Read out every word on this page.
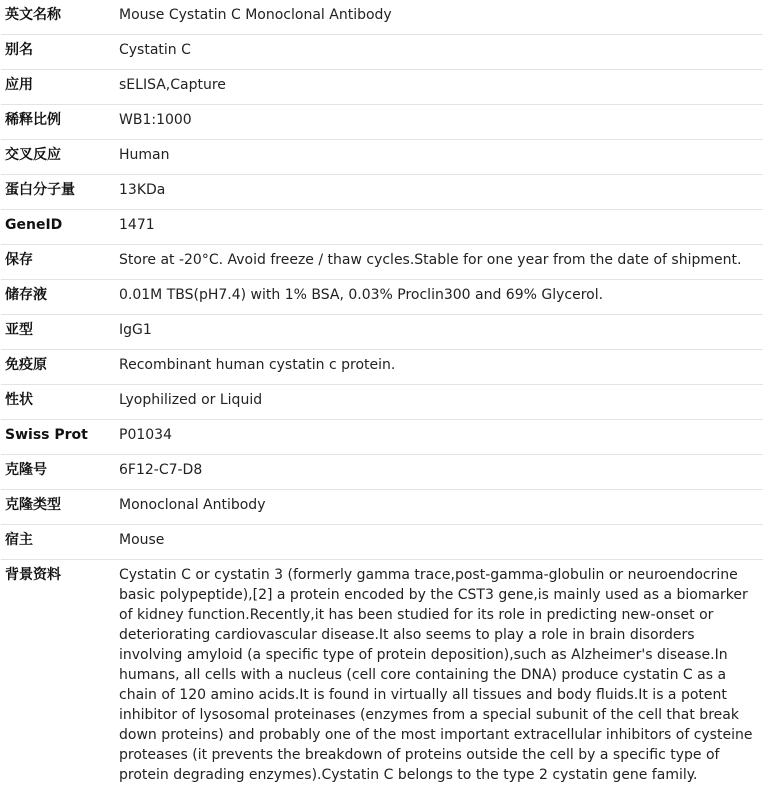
英文名称	Mouse Cystatin C Monoclonal Antibody
别名	Cystatin C
应用	sELISA,Capture
稀释比例	WB1:1000
交叉反应	Human
蛋白分子量	13KDa
GeneID	1471
保存	Store at -20°C. Avoid freeze / thaw cycles.Stable for one year from the date of shipment.
储存液	0.01M TBS(pH7.4) with 1% BSA, 0.03% Proclin300 and 69% Glycerol.
亚型	IgG1
免疫原	Recombinant human cystatin c protein.
性状	Lyophilized or Liquid
Swiss Prot	P01034
克隆号	6F12-C7-D8
克隆类型	Monoclonal Antibody
宿主	Mouse
背景资料	Cystatin C or cystatin 3 (formerly gamma trace,post-gamma-globulin or neuroendocrine basic polypeptide),[2] a protein encoded by the CST3 gene,is mainly used as a biomarker of kidney function.Recently,it has been studied for its role in predicting new-onset or deteriorating cardiovascular disease.It also seems to play a role in brain disorders involving amyloid (a specific type of protein deposition),such as Alzheimer's disease.In humans, all cells with a nucleus (cell core containing the DNA) produce cystatin C as a chain of 120 amino acids.It is found in virtually all tissues and body fluids.It is a potent inhibitor of lysosomal proteinases (enzymes from a special subunit of the cell that break down proteins) and probably one of the most important extracellular inhibitors of cysteine proteases (it prevents the breakdown of proteins outside the cell by a specific type of protein degrading enzymes).Cystatin C belongs to the type 2 cystatin gene family.
